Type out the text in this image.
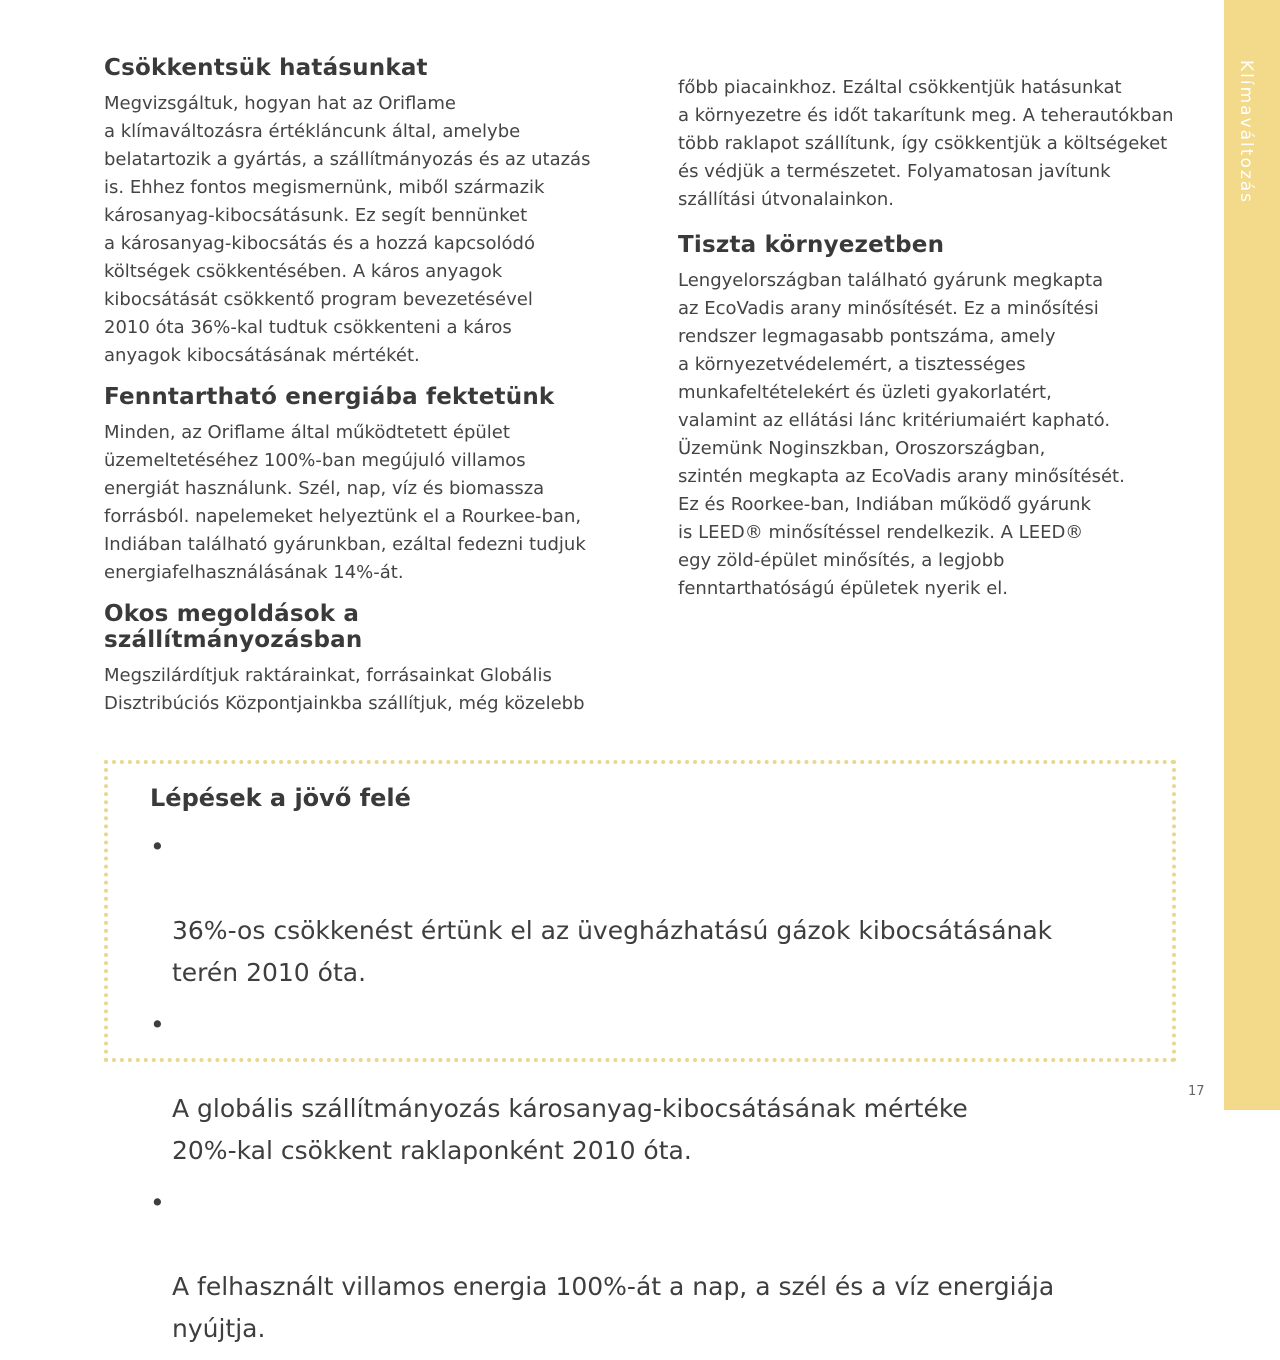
Klímaváltozás
Csökkentsük hatásunkat

Megvizsgáltuk, hogyan hat az Oriflame
a klímaváltozásra értékláncunk által, amelybe
belatartozik a gyártás, a szállítmányozás és az utazás
is. Ehhez fontos megismernünk, miből származik
károsanyag-kibocsátásunk. Ez segít bennünket
a károsanyag-kibocsátás és a hozzá kapcsolódó
költségek csökkentésében. A káros anyagok
kibocsátását csökkentő program bevezetésével
2010 óta 36%-kal tudtuk csökkenteni a káros
anyagok kibocsátásának mértékét.

Fenntartható energiába fektetünk

Minden, az Oriflame által működtetett épület
üzemeltetéséhez 100%-ban megújuló villamos
energiát használunk. Szél, nap, víz és biomassza
forrásból. napelemeket helyeztünk el a Rourkee-ban,
Indiában található gyárunkban, ezáltal fedezni tudjuk
energiafelhasználásának 14%-át.

Okos megoldások a szállítmányozásban

Megszilárdítjuk raktárainkat, forrásainkat Globális
Disztribúciós Központjainkba szállítjuk, még közelebb

főbb piacainkhoz. Ezáltal csökkentjük hatásunkat
a környezetre és időt takarítunk meg. A teherautókban
több raklapot szállítunk, így csökkentjük a költségeket
és védjük a természetet. Folyamatosan javítunk
szállítási útvonalainkon.

Tiszta környezetben

Lengyelországban található gyárunk megkapta
az EcoVadis arany minősítését. Ez a minősítési
rendszer legmagasabb pontszáma, amely
a környezetvédelemért, a tisztességes
munkafeltételekért és üzleti gyakorlatért,
valamint az ellátási lánc kritériumaiért kapható.
Üzemünk Noginszkban, Oroszországban,
szintén megkapta az EcoVadis arany minősítését.
Ez és Roorkee-ban, Indiában működő gyárunk
is LEED® minősítéssel rendelkezik. A LEED®
egy zöld-épület minősítés, a legjobb
fenntarthatóságú épületek nyerik el.

Lépések a jövő felé

•

36%-os csökkenést értünk el az üvegházhatású gázok kibocsátásának
terén 2010 óta.

•

A globális szállítmányozás károsanyag-kibocsátásának mértéke
20%-kal csökkent raklaponként 2010 óta.

•

A felhasznált villamos energia 100%-át a nap, a szél és a víz energiája nyújtja.

17
